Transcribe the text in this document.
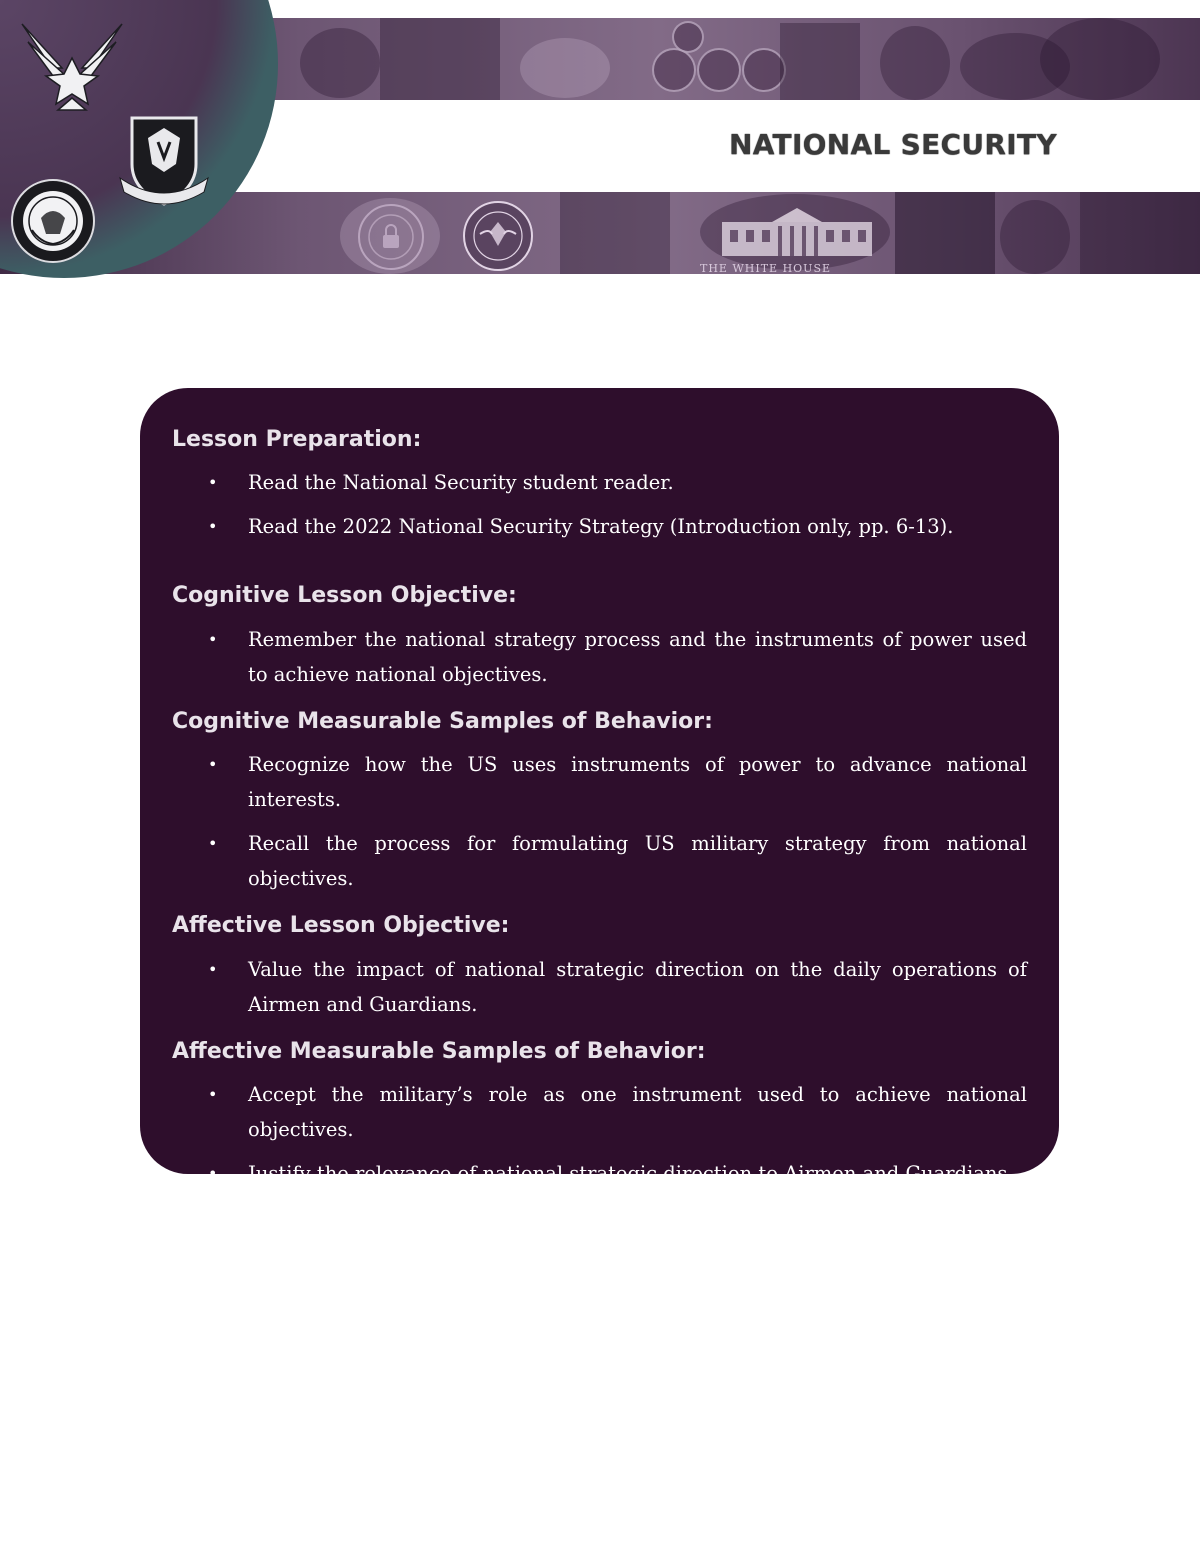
THE WHITE HOUSE
NATIONAL SECURITY
Lesson Preparation:
• Read the National Security student reader.
• Read the 2022 National Security Strategy (Introduction only, pp. 6-13).
Cognitive Lesson Objective:
• Remember the national strategy process and the instruments of power used to achieve national objectives.
Cognitive Measurable Samples of Behavior:
• Recognize how the US uses instruments of power to advance national interests.
• Recall the process for formulating US military strategy from national objectives.
Affective Lesson Objective:
• Value the impact of national strategic direction on the daily operations of Airmen and Guardians.
Affective Measurable Samples of Behavior:
• Accept the military’s role as one instrument used to achieve national objectives.
• Justify the relevance of national strategic direction to Airmen and Guardians.
